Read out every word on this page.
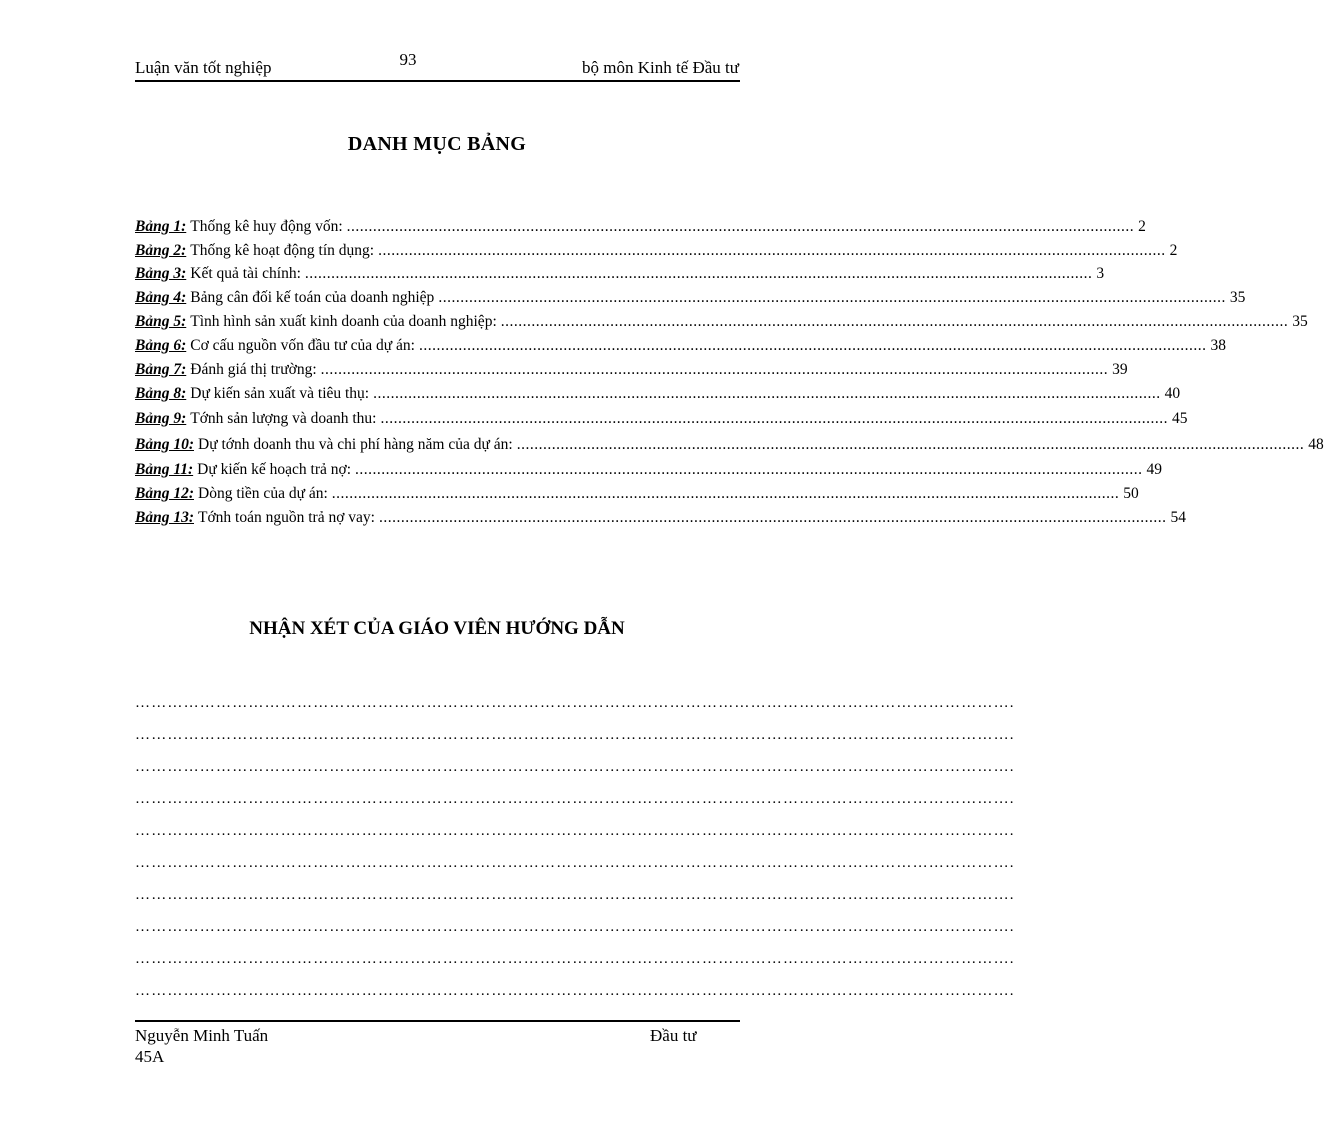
93
Luận văn tốt nghiệp	bộ môn Kinh tế Đầu tư
DANH MỤC BẢNG
Bảng 1: Thống kê huy động vốn: .....	2
Bảng 2: Thống kê hoạt động tín dụng: .....	2
Bảng 3: Kết quả tài chính: .....	3
Bảng 4: Bảng cân đối kế toán của doanh nghiệp .....	35
Bảng 5: Tình hình sản xuất kinh doanh của doanh nghiệp: .....	35
Bảng 6: Cơ cấu nguồn vốn đầu tư của dự án: .....	38
Bảng 7: Đánh giá thị trường: .....	39
Bảng 8: Dự kiến sản xuất và tiêu thụ: .....	40
Bảng 9: Tớnh sản lượng và doanh thu: .....	45
Bảng 10: Dự tớnh doanh thu và chi phí hàng năm của dự án: .....	48
Bảng 11: Dự kiến kế hoạch trả nợ: .....	49
Bảng 12: Dòng tiền của dự án: .....	50
Bảng 13: Tớnh toán nguồn trả nợ vay: .....	54
NHẬN XÉT CỦA GIÁO VIÊN HƯỚNG DẪN
……………………………………………………………………………………………………………………………………………….
……………………………………………………………………………………………………………………………………………….
……………………………………………………………………………………………………………………………………………….
……………………………………………………………………………………………………………………………………………….
……………………………………………………………………………………………………………………………………………….
……………………………………………………………………………………………………………………………………………….
……………………………………………………………………………………………………………………………………………….
……………………………………………………………………………………………………………………………………………….
……………………………………………………………………………………………………………………………………………….
……………………………………………………………………………………………………………………………………………….
Nguyễn Minh Tuấn
45A
Đầu tư
